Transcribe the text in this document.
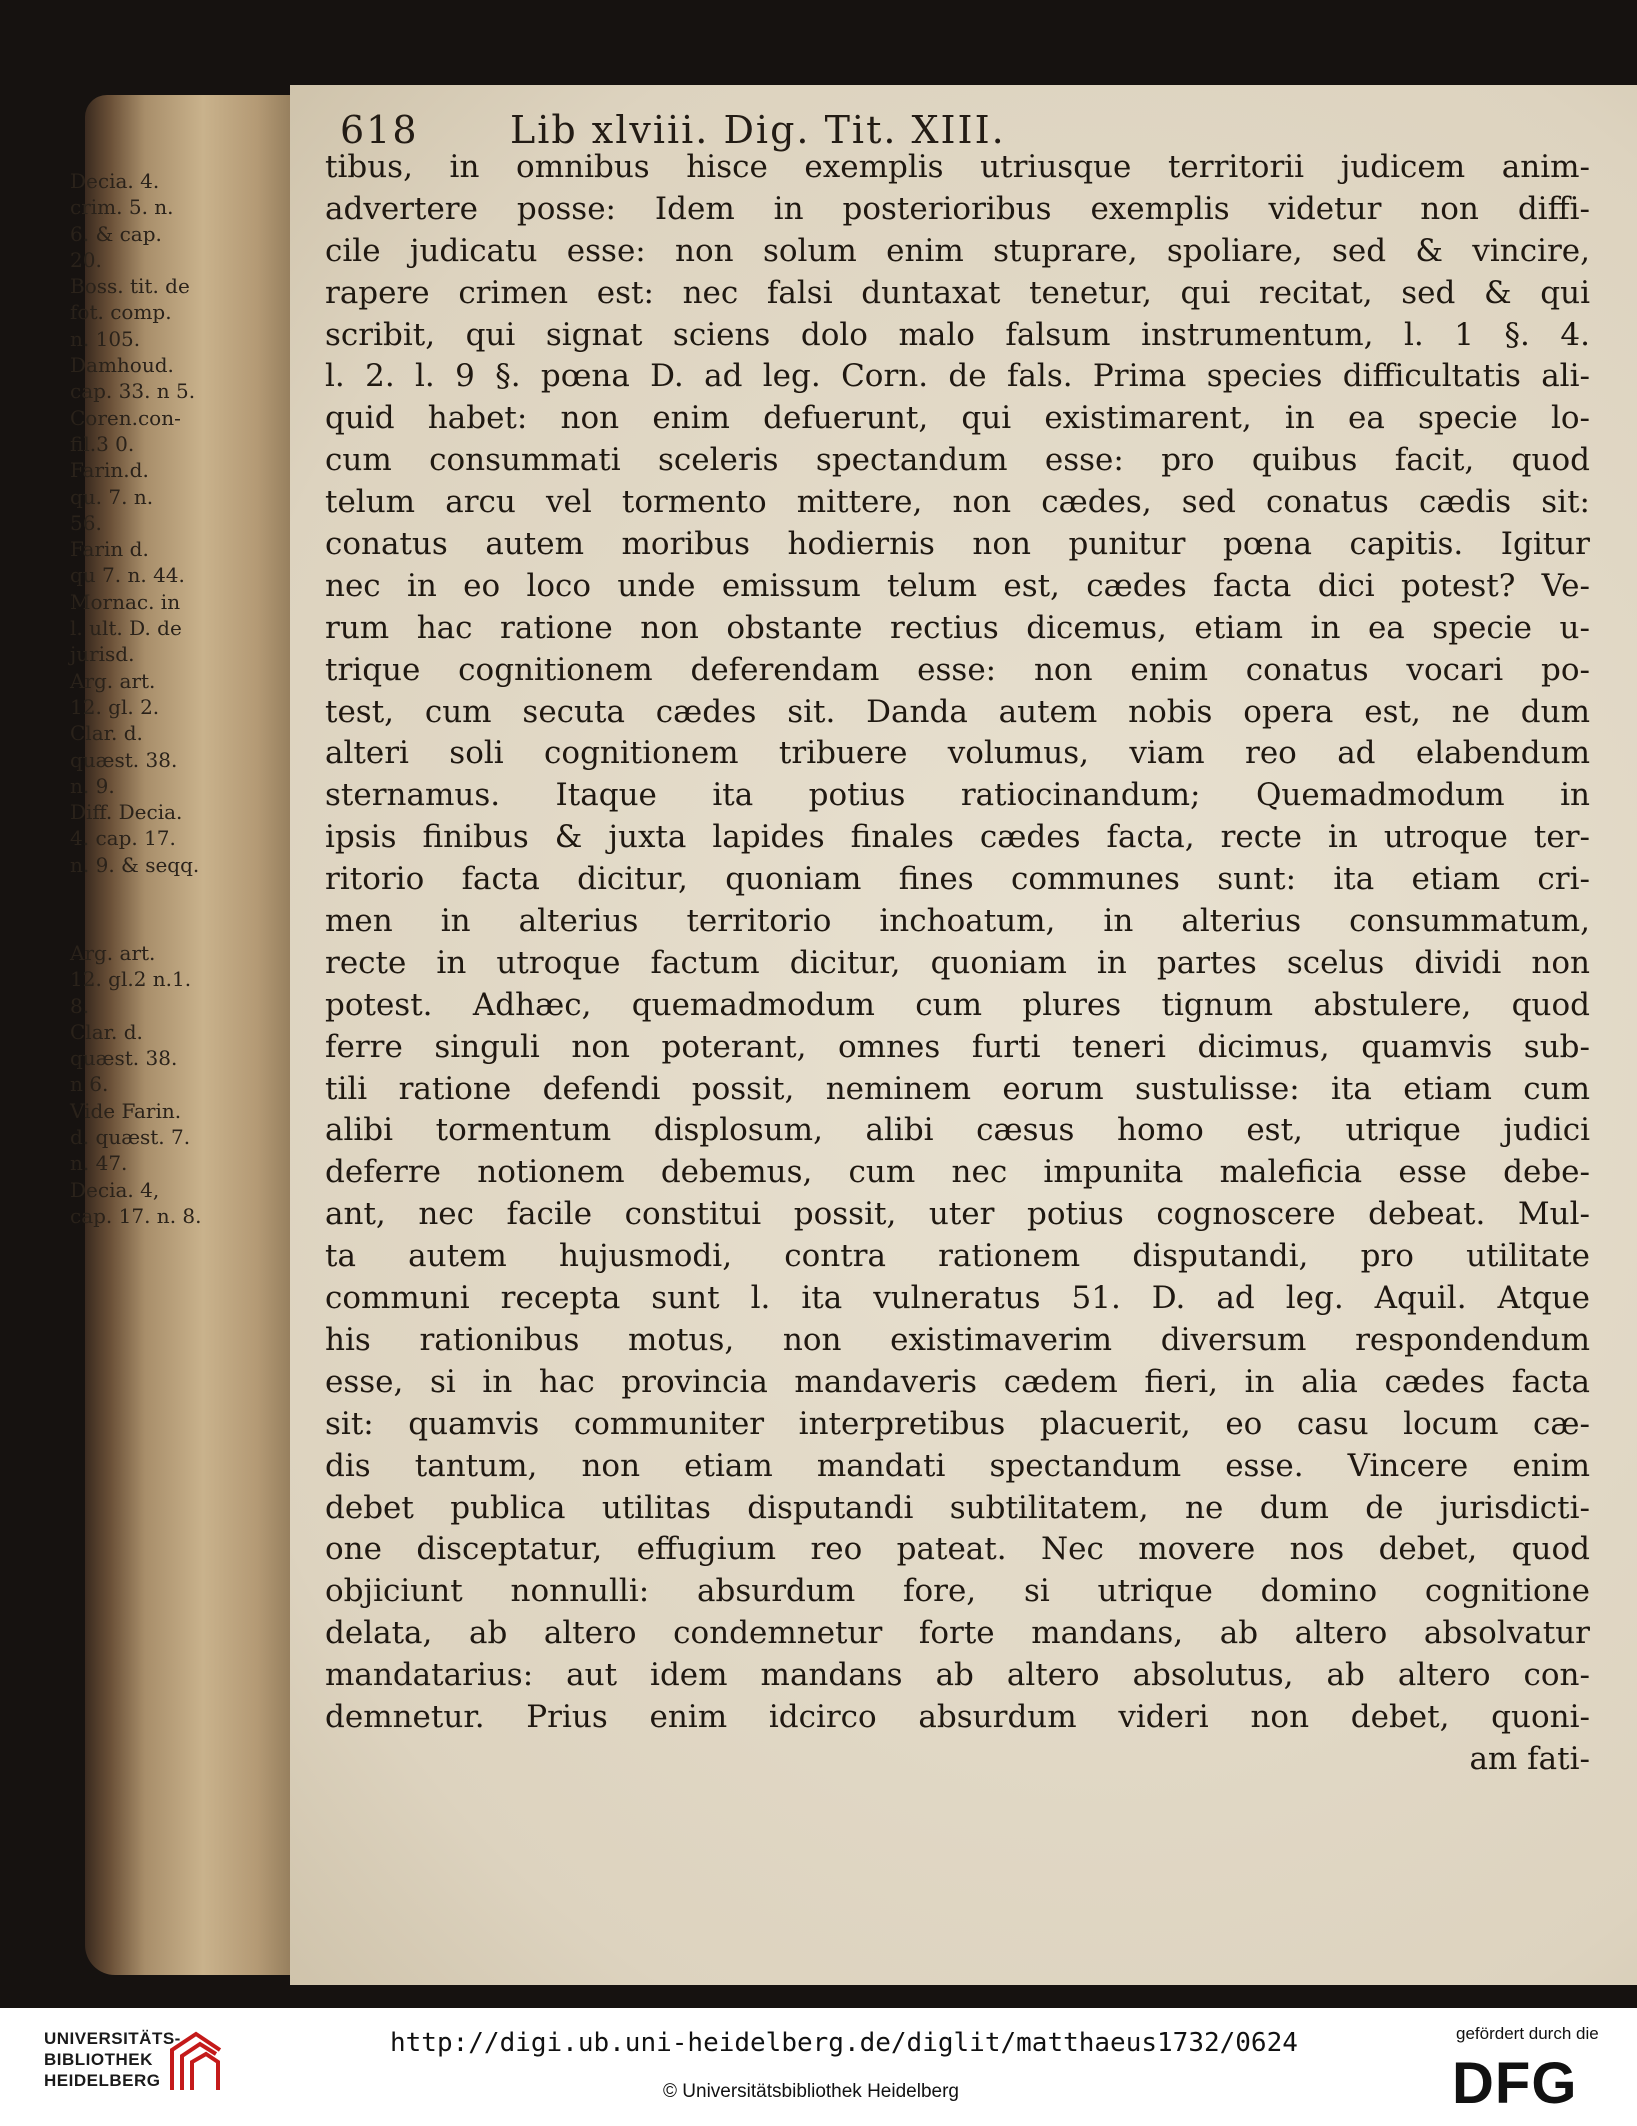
618 Lib xlviii. Dig. Tit. XIII.
Decia. 4.
crim. 5. n.
6. & cap.
20.
Boss. tit. de
fot. comp.
n. 105.
Damhoud.
cap. 33. n 5.
Coren.con-
fil.3 0.
Farin.d.
qu. 7. n.
56.
Farin d.
qu 7. n. 44.
Mornac. in
l. ult. D. de
jurisd.
Arg. art.
12. gl. 2.
Clar. d.
quæst. 38.
n. 9.
Diff. Decia.
4. cap. 17.
n. 9. & seqq.
Arg. art.
12. gl.2 n.1.
8.
Clar. d.
quæst. 38.
n 6.
Vide Farin.
d. quæst. 7.
n. 47.
Decia. 4,
cap. 17. n. 8.
tibus, in omnibus hisce exemplis utriusque territorii judicem anim-
advertere posse: Idem in posterioribus exemplis videtur non diffi-
cile judicatu esse: non solum enim stuprare, spoliare, sed & vincire,
rapere crimen est: nec falsi duntaxat tenetur, qui recitat, sed & qui
scribit, qui signat sciens dolo malo falsum instrumentum, l. 1 §. 4.
l. 2. l. 9 §. pœna D. ad leg. Corn. de fals. Prima species difficultatis ali-
quid habet: non enim defuerunt, qui existimarent, in ea specie lo-
cum consummati sceleris spectandum esse: pro quibus facit, quod
telum arcu vel tormento mittere, non cædes, sed conatus cædis sit:
conatus autem moribus hodiernis non punitur pœna capitis. Igitur
nec in eo loco unde emissum telum est, cædes facta dici potest? Ve-
rum hac ratione non obstante rectius dicemus, etiam in ea specie u-
trique cognitionem deferendam esse: non enim conatus vocari po-
test, cum secuta cædes sit. Danda autem nobis opera est, ne dum
alteri soli cognitionem tribuere volumus, viam reo ad elabendum
sternamus. Itaque ita potius ratiocinandum; Quemadmodum in
ipsis finibus & juxta lapides finales cædes facta, recte in utroque ter-
ritorio facta dicitur, quoniam fines communes sunt: ita etiam cri-
men in alterius territorio inchoatum, in alterius consummatum,
recte in utroque factum dicitur, quoniam in partes scelus dividi non
potest. Adhæc, quemadmodum cum plures tignum abstulere, quod
ferre singuli non poterant, omnes furti teneri dicimus, quamvis sub-
tili ratione defendi possit, neminem eorum sustulisse: ita etiam cum
alibi tormentum displosum, alibi cæsus homo est, utrique judici
deferre notionem debemus, cum nec impunita maleficia esse debe-
ant, nec facile constitui possit, uter potius cognoscere debeat. Mul-
ta autem hujusmodi, contra rationem disputandi, pro utilitate
communi recepta sunt l. ita vulneratus 51. D. ad leg. Aquil. Atque
his rationibus motus, non existimaverim diversum respondendum
esse, si in hac provincia mandaveris cædem fieri, in alia cædes facta
sit: quamvis communiter interpretibus placuerit, eo casu locum cæ-
dis tantum, non etiam mandati spectandum esse. Vincere enim
debet publica utilitas disputandi subtilitatem, ne dum de jurisdicti-
one disceptatur, effugium reo pateat. Nec movere nos debet, quod
objiciunt nonnulli: absurdum fore, si utrique domino cognitione
delata, ab altero condemnetur forte mandans, ab altero absolvatur
mandatarius: aut idem mandans ab altero absolutus, ab altero con-
demnetur. Prius enim idcirco absurdum videri non debet, quoni-
am fati-
UNIVERSITÄTS-
BIBLIOTHEK
HEIDELBERG
http://digi.ub.uni-heidelberg.de/diglit/matthaeus1732/0624
© Universitätsbibliothek Heidelberg
gefördert durch die
DFG
